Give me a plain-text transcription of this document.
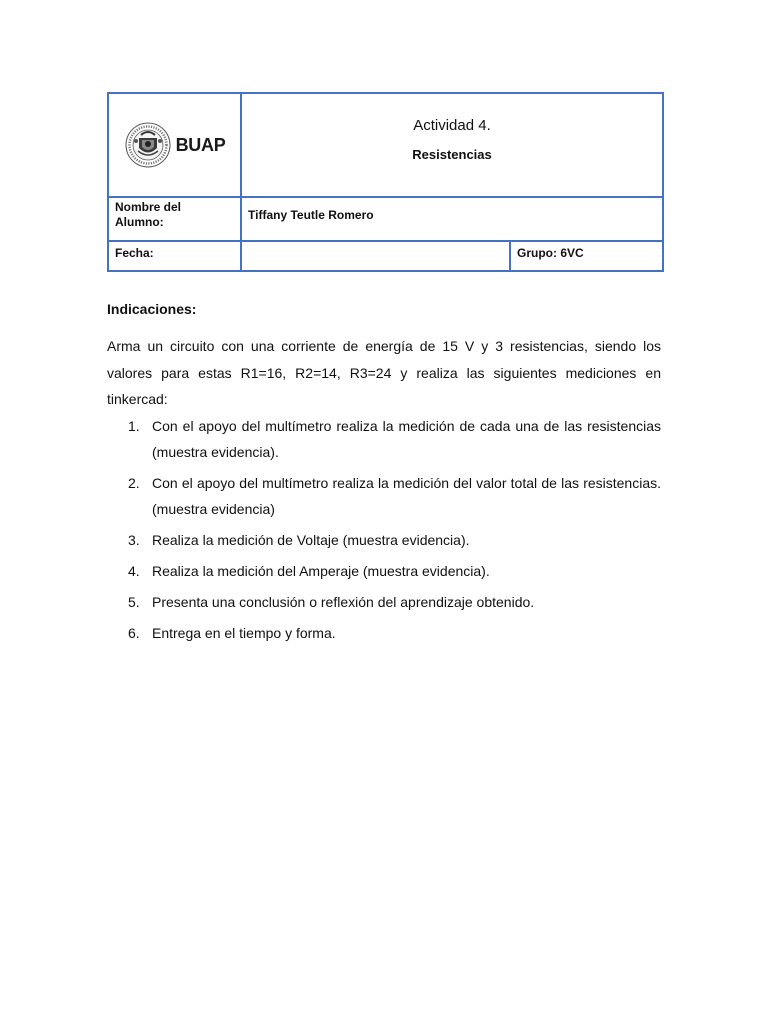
BUAP
Actividad 4.
Resistencias
Nombre del
Alumno:	Tiffany Teutle Romero
Fecha:	Grupo: 6VC
Indicaciones:

Arma un circuito con una corriente de energía de 15 V y 3 resistencias, siendo los valores para estas R1=16, R2=14, R3=24 y realiza las siguientes mediciones en tinkercad:

1. Con el apoyo del multímetro realiza la medición de cada una de las resistencias (muestra evidencia).
2. Con el apoyo del multímetro realiza la medición del valor total de las resistencias. (muestra evidencia)
3. Realiza la medición de Voltaje (muestra evidencia).
4. Realiza la medición del Amperaje (muestra evidencia).
5. Presenta una conclusión o reflexión del aprendizaje obtenido.
6. Entrega en el tiempo y forma.
